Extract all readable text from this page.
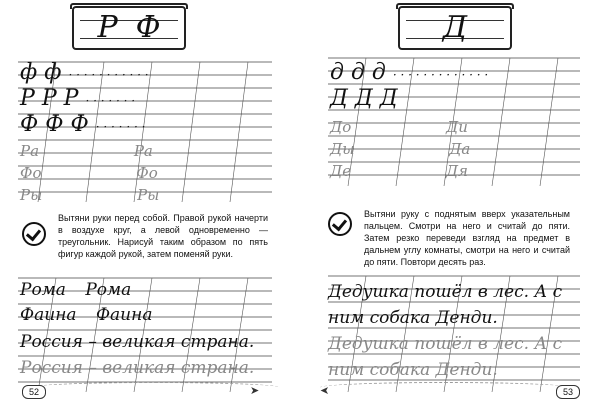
Р Ф
ф ф · · · · · · · · · · ·
Р Р Р · · · · · · ·
Ф Ф Ф · · · · · · ·
Ра	Ра
Фо	Фо
Ры	Ры
Вытяни руки перед собой. Правой рукой начерти в воздухе круг, а левой одновременно — треугольник. Нарисуй таким образом по пять фигур каждой рукой, затем поменяй руки.
Рома Рома
Фаина Фаина
Россия – великая страна.
Россия – великая страна.
➤
52
Д
д д д · · · · · · · · · · · · ·
Д Д Д
До	Ди
Ды	Да
Де	Дя
Вытяни руку с поднятым вверх указательным пальцем. Смотри на него и считай до пяти. Затем резко переведи взгляд на предмет в дальнем углу комнаты, смотри на него и считай до пяти. Повтори десять раз.
Дедушка пошёл в лес. А с
ним собака Денди.
Дедушка пошёл в лес. А с
ним собака Денди.
➤	53
